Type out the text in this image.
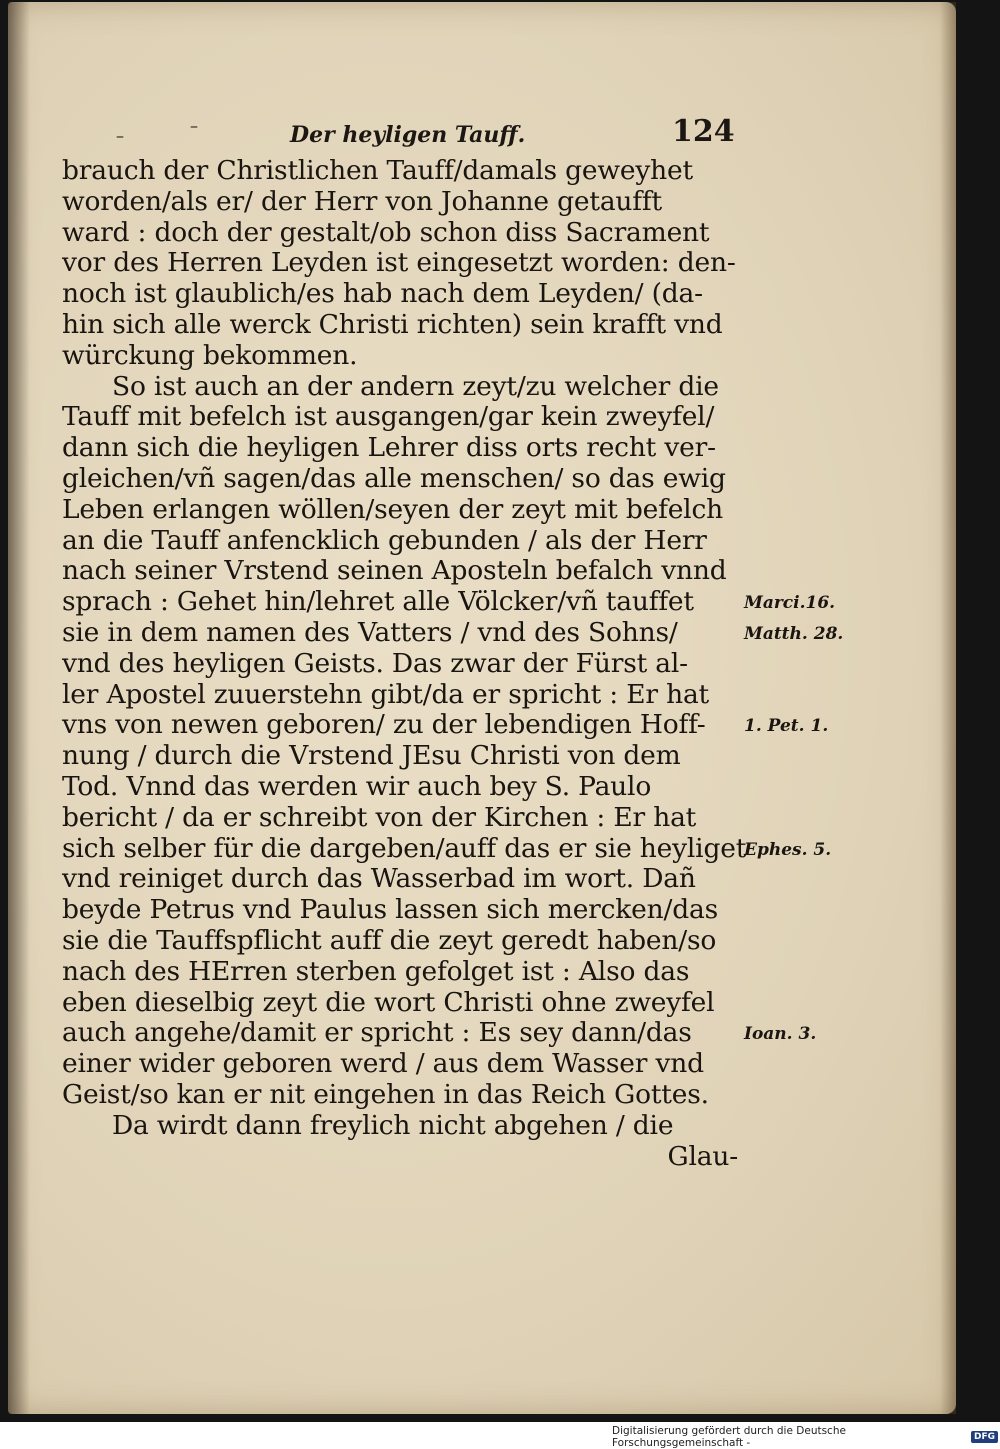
–
–	Der heyligen Tauff.	124
brauch der Christlichen Tauff/damals geweyhet
worden/als er/ der Herr von Johanne getaufft
ward : doch der gestalt/ob schon diss Sacrament
vor des Herren Leyden ist eingesetzt worden: den-
noch ist glaublich/es hab nach dem Leyden/ (da-
hin sich alle werck Christi richten) sein krafft vnd
würckung bekommen.
So ist auch an der andern zeyt/zu welcher die
Tauff mit befelch ist ausgangen/gar kein zweyfel/
dann sich die heyligen Lehrer diss orts recht ver-
gleichen/vñ sagen/das alle menschen/ so das ewig
Leben erlangen wöllen/seyen der zeyt mit befelch
an die Tauff anfencklich gebunden / als der Herr
nach seiner Vrstend seinen Aposteln befalch vnnd
sprach : Gehet hin/lehret alle Völcker/vñ tauffet
sie in dem namen des Vatters / vnd des Sohns/
vnd des heyligen Geists. Das zwar der Fürst al-
ler Apostel zuuerstehn gibt/da er spricht : Er hat
vns von newen geboren/ zu der lebendigen Hoff-
nung / durch die Vrstend JEsu Christi von dem
Tod. Vnnd das werden wir auch bey S. Paulo
bericht / da er schreibt von der Kirchen : Er hat
sich selber für die dargeben/auff das er sie heyliget
vnd reiniget durch das Wasserbad im wort. Dañ
beyde Petrus vnd Paulus lassen sich mercken/das
sie die Tauffspflicht auff die zeyt geredt haben/so
nach des HErren sterben gefolget ist : Also das
eben dieselbig zeyt die wort Christi ohne zweyfel
auch angehe/damit er spricht : Es sey dann/das
einer wider geboren werd / aus dem Wasser vnd
Geist/so kan er nit eingehen in das Reich Gottes.
Da wirdt dann freylich nicht abgehen / die
Glau-
Marci.16.
Matth. 28.
1. Pet. 1.
Ephes. 5.
Ioan. 3.
Digitalisierung gefördert durch die Deutsche Forschungsgemeinschaft -	DFG
